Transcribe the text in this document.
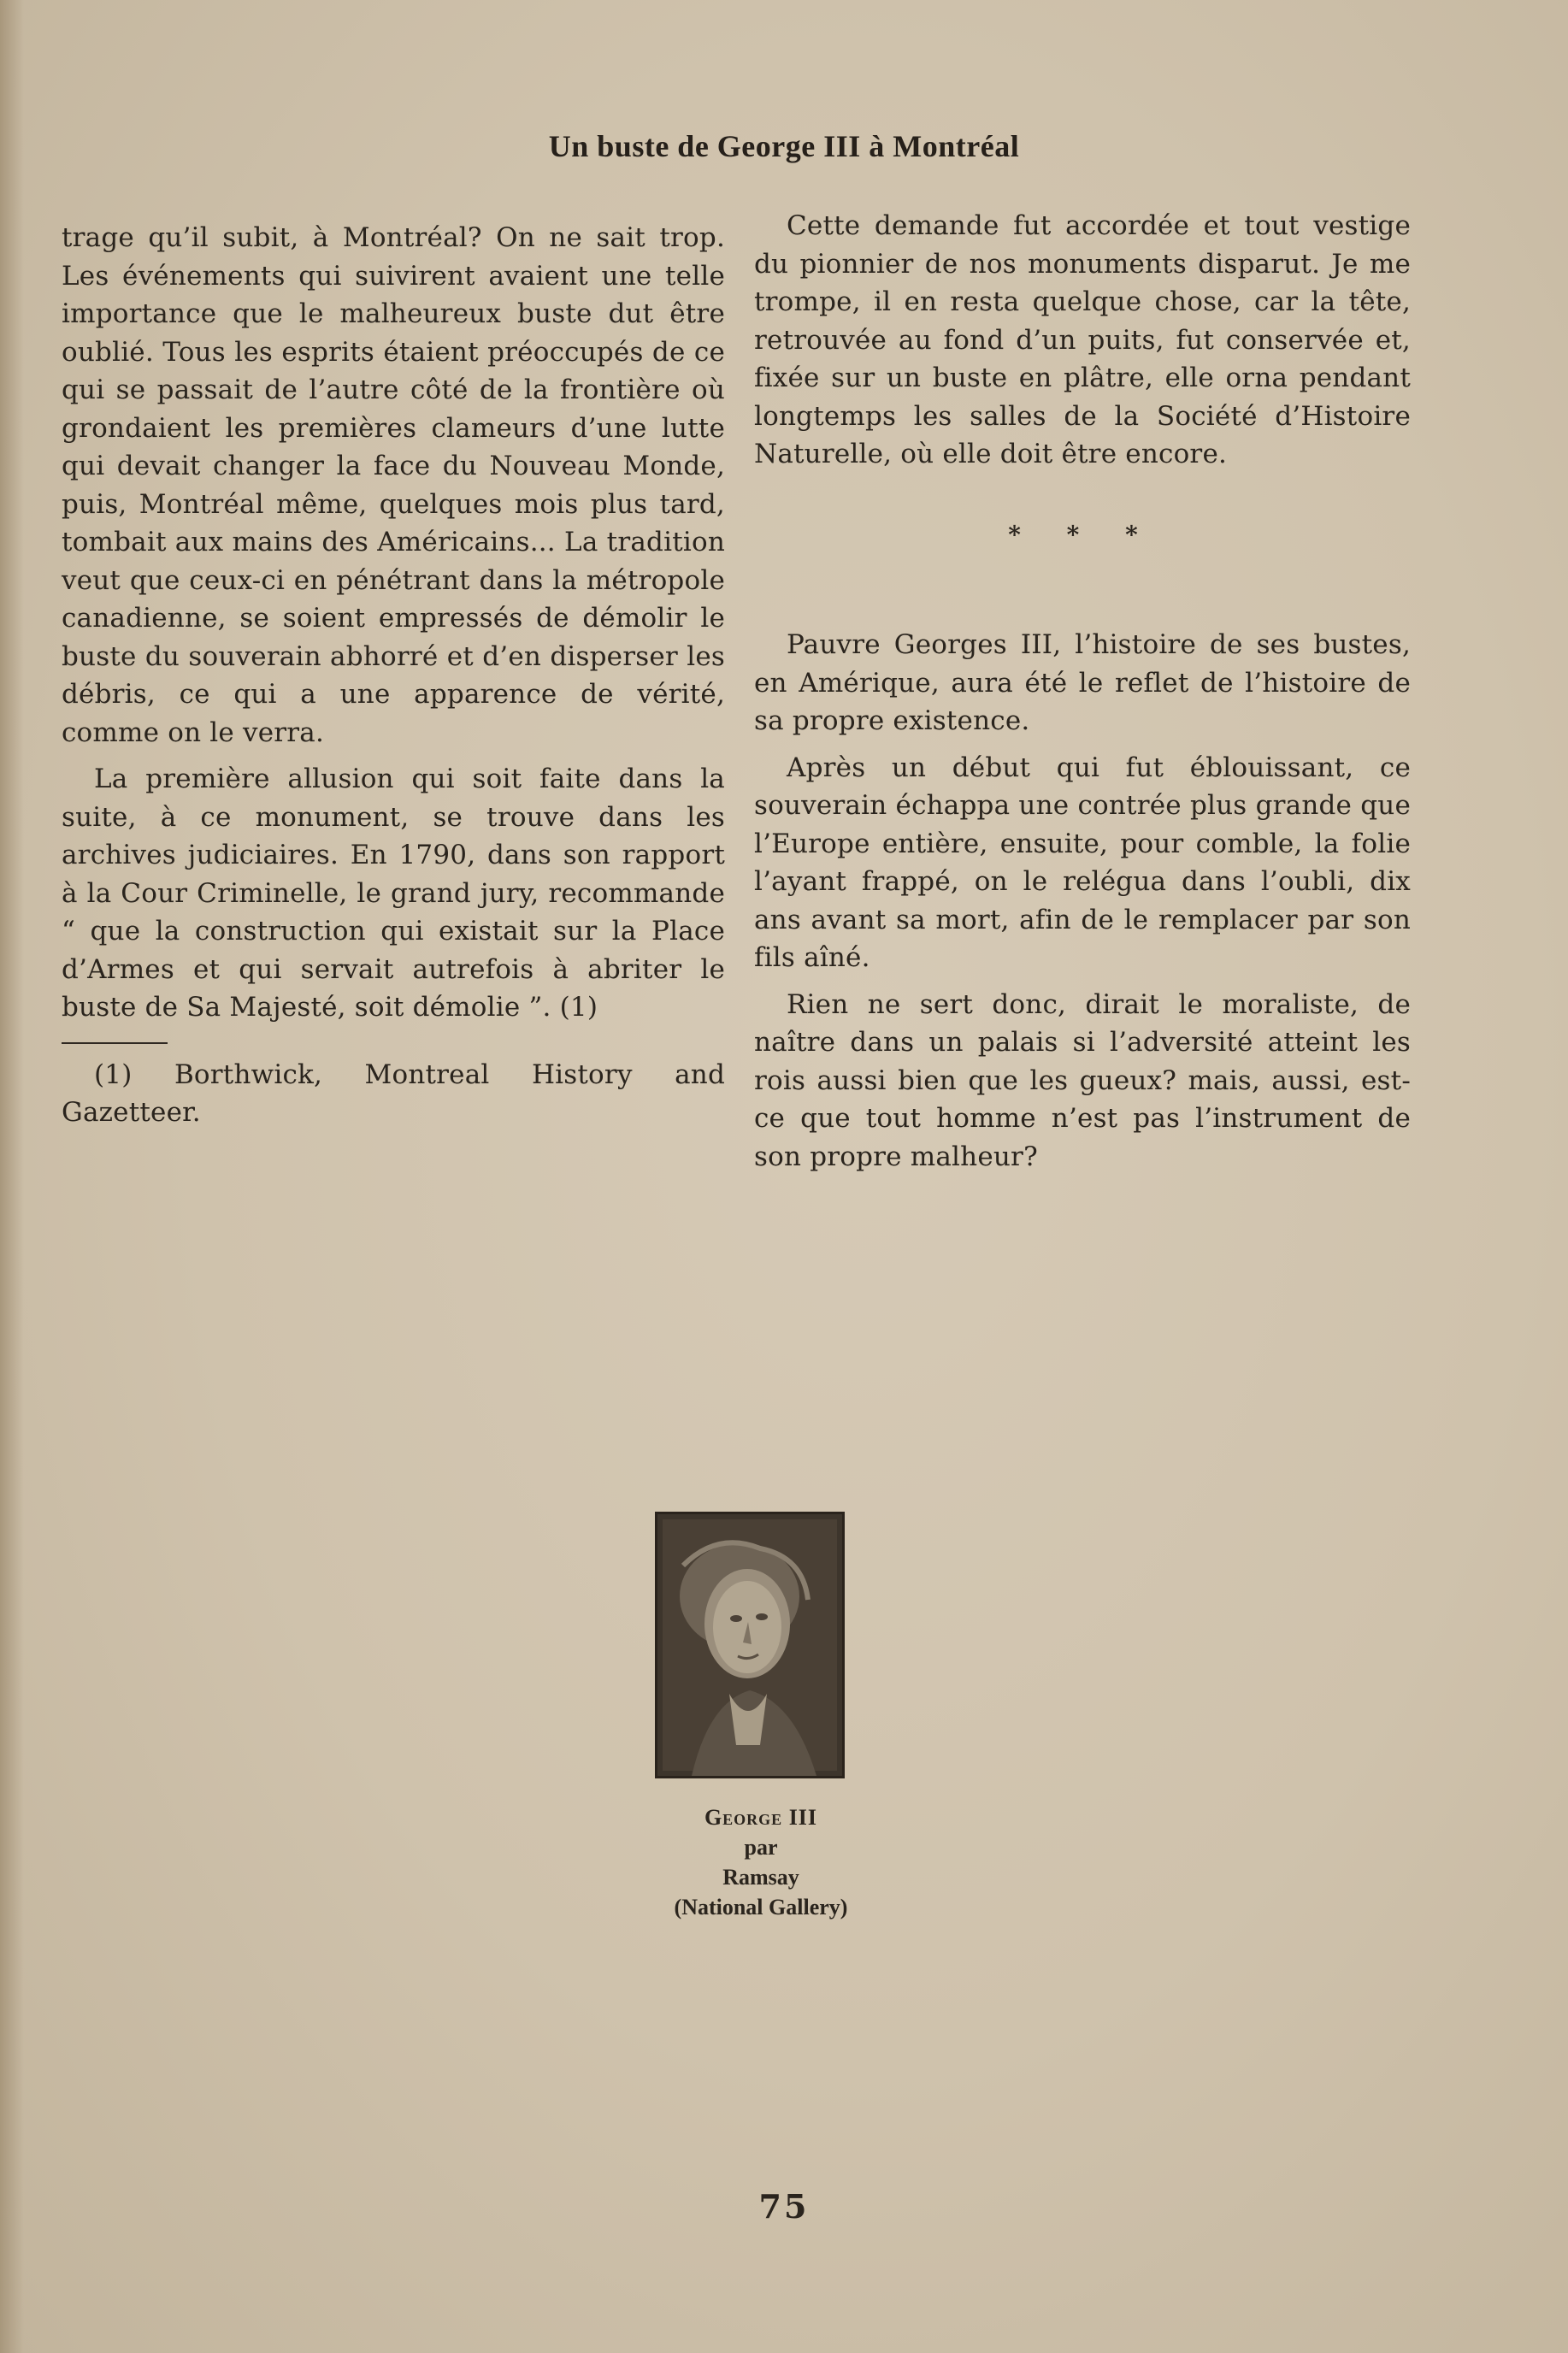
Un buste de George III à Montréal

trage qu’il subit, à Montréal? On ne sait trop. Les événements qui suivirent avaient une telle importance que le malheureux buste dut être oublié. Tous les esprits étaient préoccupés de ce qui se passait de l’autre côté de la frontière où grondaient les premières clameurs d’une lutte qui devait changer la face du Nouveau Monde, puis, Montréal même, quelques mois plus tard, tombait aux mains des Américains... La tradition veut que ceux-ci en pénétrant dans la métropole canadienne, se soient empressés de démolir le buste du souverain abhorré et d’en disperser les débris, ce qui a une apparence de vérité, comme on le verra.

La première allusion qui soit faite dans la suite, à ce monument, se trouve dans les archives judiciaires. En 1790, dans son rapport à la Cour Criminelle, le grand jury, recommande “ que la construction qui existait sur la Place d’Armes et qui servait autrefois à abriter le buste de Sa Majesté, soit démolie ”. (1)

(1) Borthwick, Montreal History and Gazetteer.

Cette demande fut accordée et tout vestige du pionnier de nos monuments disparut. Je me trompe, il en resta quelque chose, car la tête, retrouvée au fond d’un puits, fut conservée et, fixée sur un buste en plâtre, elle orna pendant longtemps les salles de la Société d’Histoire Naturelle, où elle doit être encore.

* * *

Pauvre Georges III, l’histoire de ses bustes, en Amérique, aura été le reflet de l’histoire de sa propre existence.

Après un début qui fut éblouissant, ce souverain échappa une contrée plus grande que l’Europe entière, ensuite, pour comble, la folie l’ayant frappé, on le reléguа dans l’oubli, dix ans avant sa mort, afin de le remplacer par son fils aîné.

Rien ne sert donc, dirait le moraliste, de naître dans un palais si l’adversité atteint les rois aussi bien que les gueux? mais, aussi, est-ce que tout homme n’est pas l’instrument de son propre malheur?

George III
par
Ramsay
(National Gallery)
75
